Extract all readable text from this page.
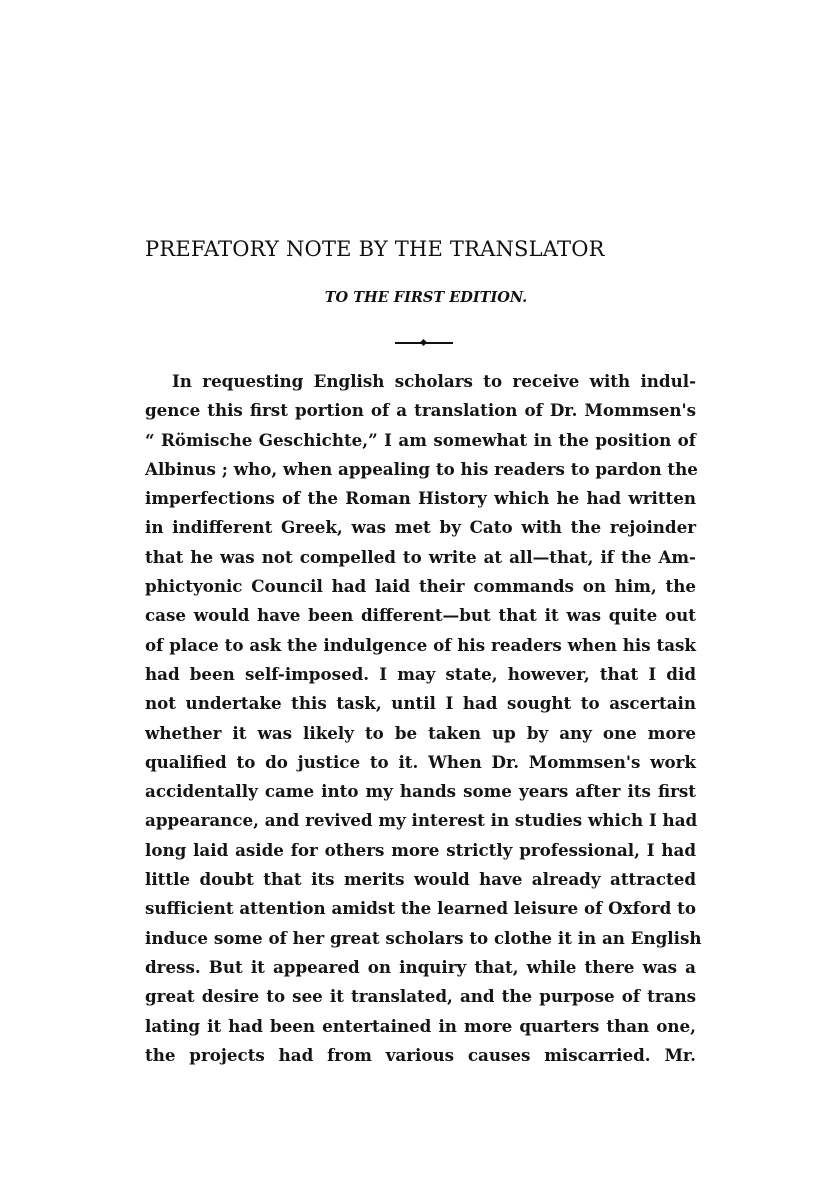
PREFATORY NOTE BY THE TRANSLATOR
TO THE FIRST EDITION.
In requesting English scholars to receive with indul-
gence this first portion of a translation of Dr. Mommsen's
“ Römische Geschichte,” I am somewhat in the position of
Albinus ; who, when appealing to his readers to pardon the
imperfections of the Roman History which he had written
in indifferent Greek, was met by Cato with the rejoinder
that he was not compelled to write at all—that, if the Am-
phictyonic Council had laid their commands on him, the
case would have been different—but that it was quite out
of place to ask the indulgence of his readers when his task
had been self-imposed. I may state, however, that I did
not undertake this task, until I had sought to ascertain
whether it was likely to be taken up by any one more
qualified to do justice to it. When Dr. Mommsen's work
accidentally came into my hands some years after its first
appearance, and revived my interest in studies which I had
long laid aside for others more strictly professional, I had
little doubt that its merits would have already attracted
sufficient attention amidst the learned leisure of Oxford to
induce some of her great scholars to clothe it in an English
dress. But it appeared on inquiry that, while there was a
great desire to see it translated, and the purpose of trans
lating it had been entertained in more quarters than one,
the projects had from various causes miscarried. Mr.
